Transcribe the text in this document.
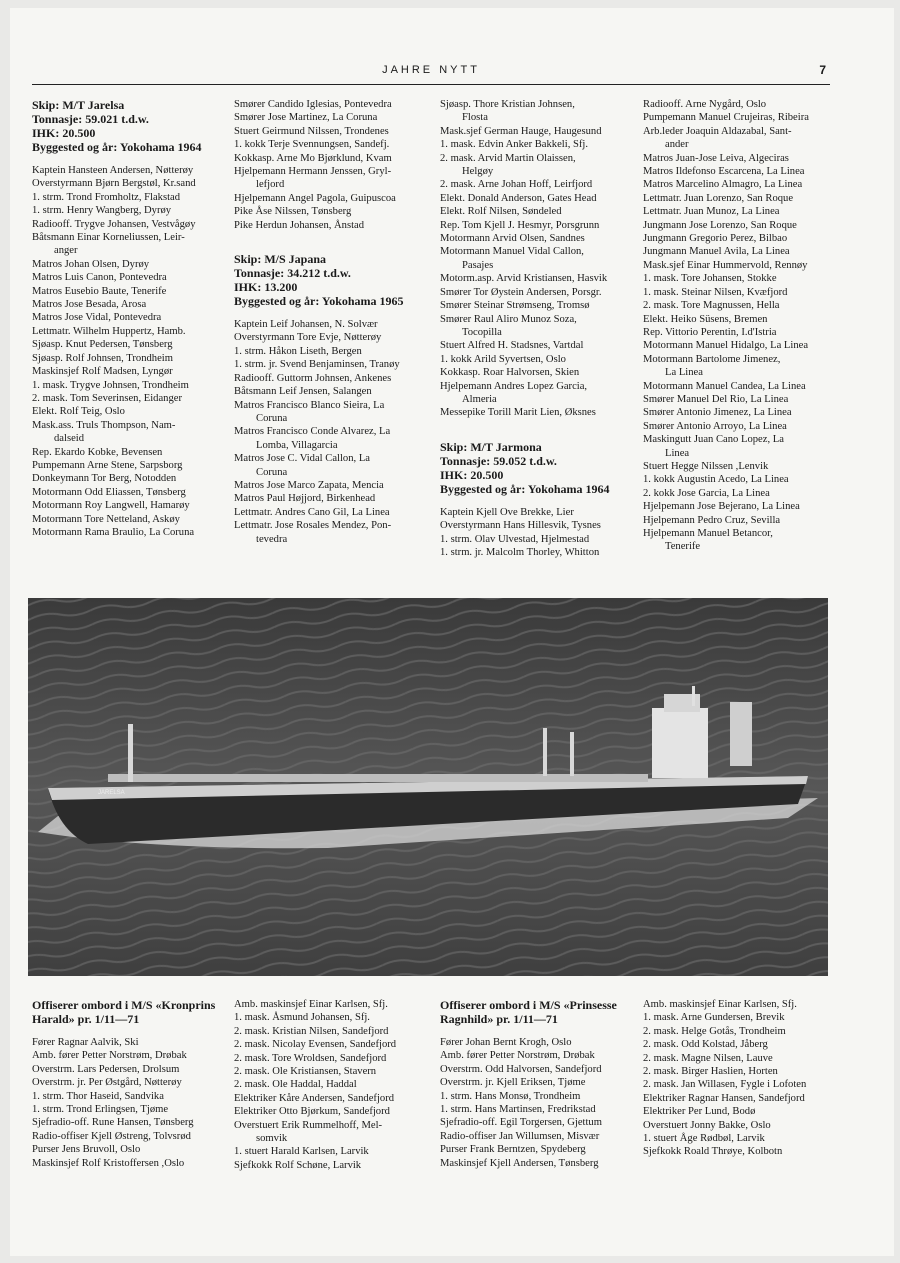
JAHRE NYTT	7
Skip: M/T Jarelsa
Tonnasje: 59.021 t.d.w.
IHK: 20.500
Byggested og år: Yokohama 1964
Kaptein Hansteen Andersen, Nøtterøy
Overstyrmann Bjørn Bergstøl, Kr.sand
1. strm. Trond Fromholtz, Flakstad
1. strm. Henry Wangberg, Dyrøy
Radiooff. Trygve Johansen, Vestvågøy
Båtsmann Einar Korneliussen, Leir-
anger
Matros Johan Olsen, Dyrøy
Matros Luis Canon, Pontevedra
Matros Eusebio Baute, Tenerife
Matros Jose Besada, Arosa
Matros Jose Vidal, Pontevedra
Lettmatr. Wilhelm Huppertz, Hamb.
Sjøasp. Knut Pedersen, Tønsberg
Sjøasp. Rolf Johnsen, Trondheim
Maskinsjef Rolf Madsen, Lyngør
1. mask. Trygve Johnsen, Trondheim
2. mask. Tom Severinsen, Eidanger
Elekt. Rolf Teig, Oslo
Mask.ass. Truls Thompson, Nam-
dalseid
Rep. Ekardo Kobke, Bevensen
Pumpemann Arne Stene, Sarpsborg
Donkeymann Tor Berg, Notodden
Motormann Odd Eliassen, Tønsberg
Motormann Roy Langwell, Hamarøy
Motormann Tore Netteland, Askøy
Motormann Rama Braulio, La Coruna
Smører Candido Iglesias, Pontevedra
Smører Jose Martinez, La Coruna
Stuert Geirmund Nilssen, Trondenes
1. kokk Terje Svennungsen, Sandefj.
Kokkasp. Arne Mo Bjørklund, Kvam
Hjelpemann Hermann Jenssen, Gryl-
lefjord
Hjelpemann Angel Pagola, Guipuscoa
Pike Åse Nilssen, Tønsberg
Pike Herdun Johansen, Ånstad
Skip: M/S Japana
Tonnasje: 34.212 t.d.w.
IHK: 13.200
Byggested og år: Yokohama 1965
Kaptein Leif Johansen, N. Solvær
Overstyrmann Tore Evje, Nøtterøy
1. strm. Håkon Liseth, Bergen
1. strm. jr. Svend Benjaminsen, Tranøy
Radiooff. Guttorm Johnsen, Ankenes
Båtsmann Leif Jensen, Salangen
Matros Francisco Blanco Sieira, La
Coruna
Matros Francisco Conde Alvarez, La
Lomba, Villagarcia
Matros Jose C. Vidal Callon, La
Coruna
Matros Jose Marco Zapata, Mencia
Matros Paul Højjord, Birkenhead
Lettmatr. Andres Cano Gil, La Linea
Lettmatr. Jose Rosales Mendez, Pon-
tevedra
Sjøasp. Thore Kristian Johnsen,
Flosta
Mask.sjef German Hauge, Haugesund
1. mask. Edvin Anker Bakkeli, Sfj.
2. mask. Arvid Martin Olaissen,
Helgøy
2. mask. Arne Johan Hoff, Leirfjord
Elekt. Donald Anderson, Gates Head
Elekt. Rolf Nilsen, Søndeled
Rep. Tom Kjell J. Hesmyr, Porsgrunn
Motormann Arvid Olsen, Sandnes
Motormann Manuel Vidal Callon,
Pasajes
Motorm.asp. Arvid Kristiansen, Hasvik
Smører Tor Øystein Andersen, Porsgr.
Smører Steinar Strømseng, Tromsø
Smører Raul Aliro Munoz Soza,
Tocopilla
Stuert Alfred H. Stadsnes, Vartdal
1. kokk Arild Syvertsen, Oslo
Kokkasp. Roar Halvorsen, Skien
Hjelpemann Andres Lopez Garcia,
Almeria
Messepike Torill Marit Lien, Øksnes
Skip: M/T Jarmona
Tonnasje: 59.052 t.d.w.
IHK: 20.500
Byggested og år: Yokohama 1964
Kaptein Kjell Ove Brekke, Lier
Overstyrmann Hans Hillesvik, Tysnes
1. strm. Olav Ulvestad, Hjelmestad
1. strm. jr. Malcolm Thorley, Whitton
Radiooff. Arne Nygård, Oslo
Pumpemann Manuel Crujeiras, Ribeira
Arb.leder Joaquin Aldazabal, Sant-
ander
Matros Juan-Jose Leiva, Algeciras
Matros Ildefonso Escarcena, La Linea
Matros Marcelino Almagro, La Linea
Lettmatr. Juan Lorenzo, San Roque
Lettmatr. Juan Munoz, La Linea
Jungmann Jose Lorenzo, San Roque
Jungmann Gregorio Perez, Bilbao
Jungmann Manuel Avila, La Linea
Mask.sjef Einar Hummervold, Rennøy
1. mask. Tore Johansen, Stokke
1. mask. Steinar Nilsen, Kvæfjord
2. mask. Tore Magnussen, Hella
Elekt. Heiko Süsens, Bremen
Rep. Vittorio Perentin, I.d'Istria
Motormann Manuel Hidalgo, La Linea
Motormann Bartolome Jimenez,
La Linea
Motormann Manuel Candea, La Linea
Smører Manuel Del Rio, La Linea
Smører Antonio Jimenez, La Linea
Smører Antonio Arroyo, La Linea
Maskingutt Juan Cano Lopez, La
Linea
Stuert Hegge Nilssen ,Lenvik
1. kokk Augustin Acedo, La Linea
2. kokk Jose Garcia, La Linea
Hjelpemann Jose Bejerano, La Linea
Hjelpemann Pedro Cruz, Sevilla
Hjelpemann Manuel Betancor,
Tenerife
JARELSA
Offiserer ombord i M/S «Kronprins
Harald» pr. 1/11—71
Fører Ragnar Aalvik, Ski
Amb. fører Petter Norstrøm, Drøbak
Overstrm. Lars Pedersen, Drolsum
Overstrm. jr. Per Østgård, Nøtterøy
1. strm. Thor Haseid, Sandvika
1. strm. Trond Erlingsen, Tjøme
Sjefradio-off. Rune Hansen, Tønsberg
Radio-offiser Kjell Østreng, Tolvsrød
Purser Jens Bruvoll, Oslo
Maskinsjef Rolf Kristoffersen ,Oslo
Amb. maskinsjef Einar Karlsen, Sfj.
1. mask. Åsmund Johansen, Sfj.
2. mask. Kristian Nilsen, Sandefjord
2. mask. Nicolay Evensen, Sandefjord
2. mask. Tore Wroldsen, Sandefjord
2. mask. Ole Kristiansen, Stavern
2. mask. Ole Haddal, Haddal
Elektriker Kåre Andersen, Sandefjord
Elektriker Otto Bjørkum, Sandefjord
Overstuert Erik Rummelhoff, Mel-
somvik
1. stuert Harald Karlsen, Larvik
Sjefkokk Rolf Schøne, Larvik
Offiserer ombord i M/S «Prinsesse
Ragnhild» pr. 1/11—71
Fører Johan Bernt Krogh, Oslo
Amb. fører Petter Norstrøm, Drøbak
Overstrm. Odd Halvorsen, Sandefjord
Overstrm. jr. Kjell Eriksen, Tjøme
1. strm. Hans Monsø, Trondheim
1. strm. Hans Martinsen, Fredrikstad
Sjefradio-off. Egil Torgersen, Gjettum
Radio-offiser Jan Willumsen, Misvær
Purser Frank Berntzen, Spydeberg
Maskinsjef Kjell Andersen, Tønsberg
Amb. maskinsjef Einar Karlsen, Sfj.
1. mask. Arne Gundersen, Brevik
2. mask. Helge Gotås, Trondheim
2. mask. Odd Kolstad, Jåberg
2. mask. Magne Nilsen, Lauve
2. mask. Birger Haslien, Horten
2. mask. Jan Willasen, Fygle i Lofoten
Elektriker Ragnar Hansen, Sandefjord
Elektriker Per Lund, Bodø
Overstuert Jonny Bakke, Oslo
1. stuert Åge Rødbøl, Larvik
Sjefkokk Roald Thrøye, Kolbotn
